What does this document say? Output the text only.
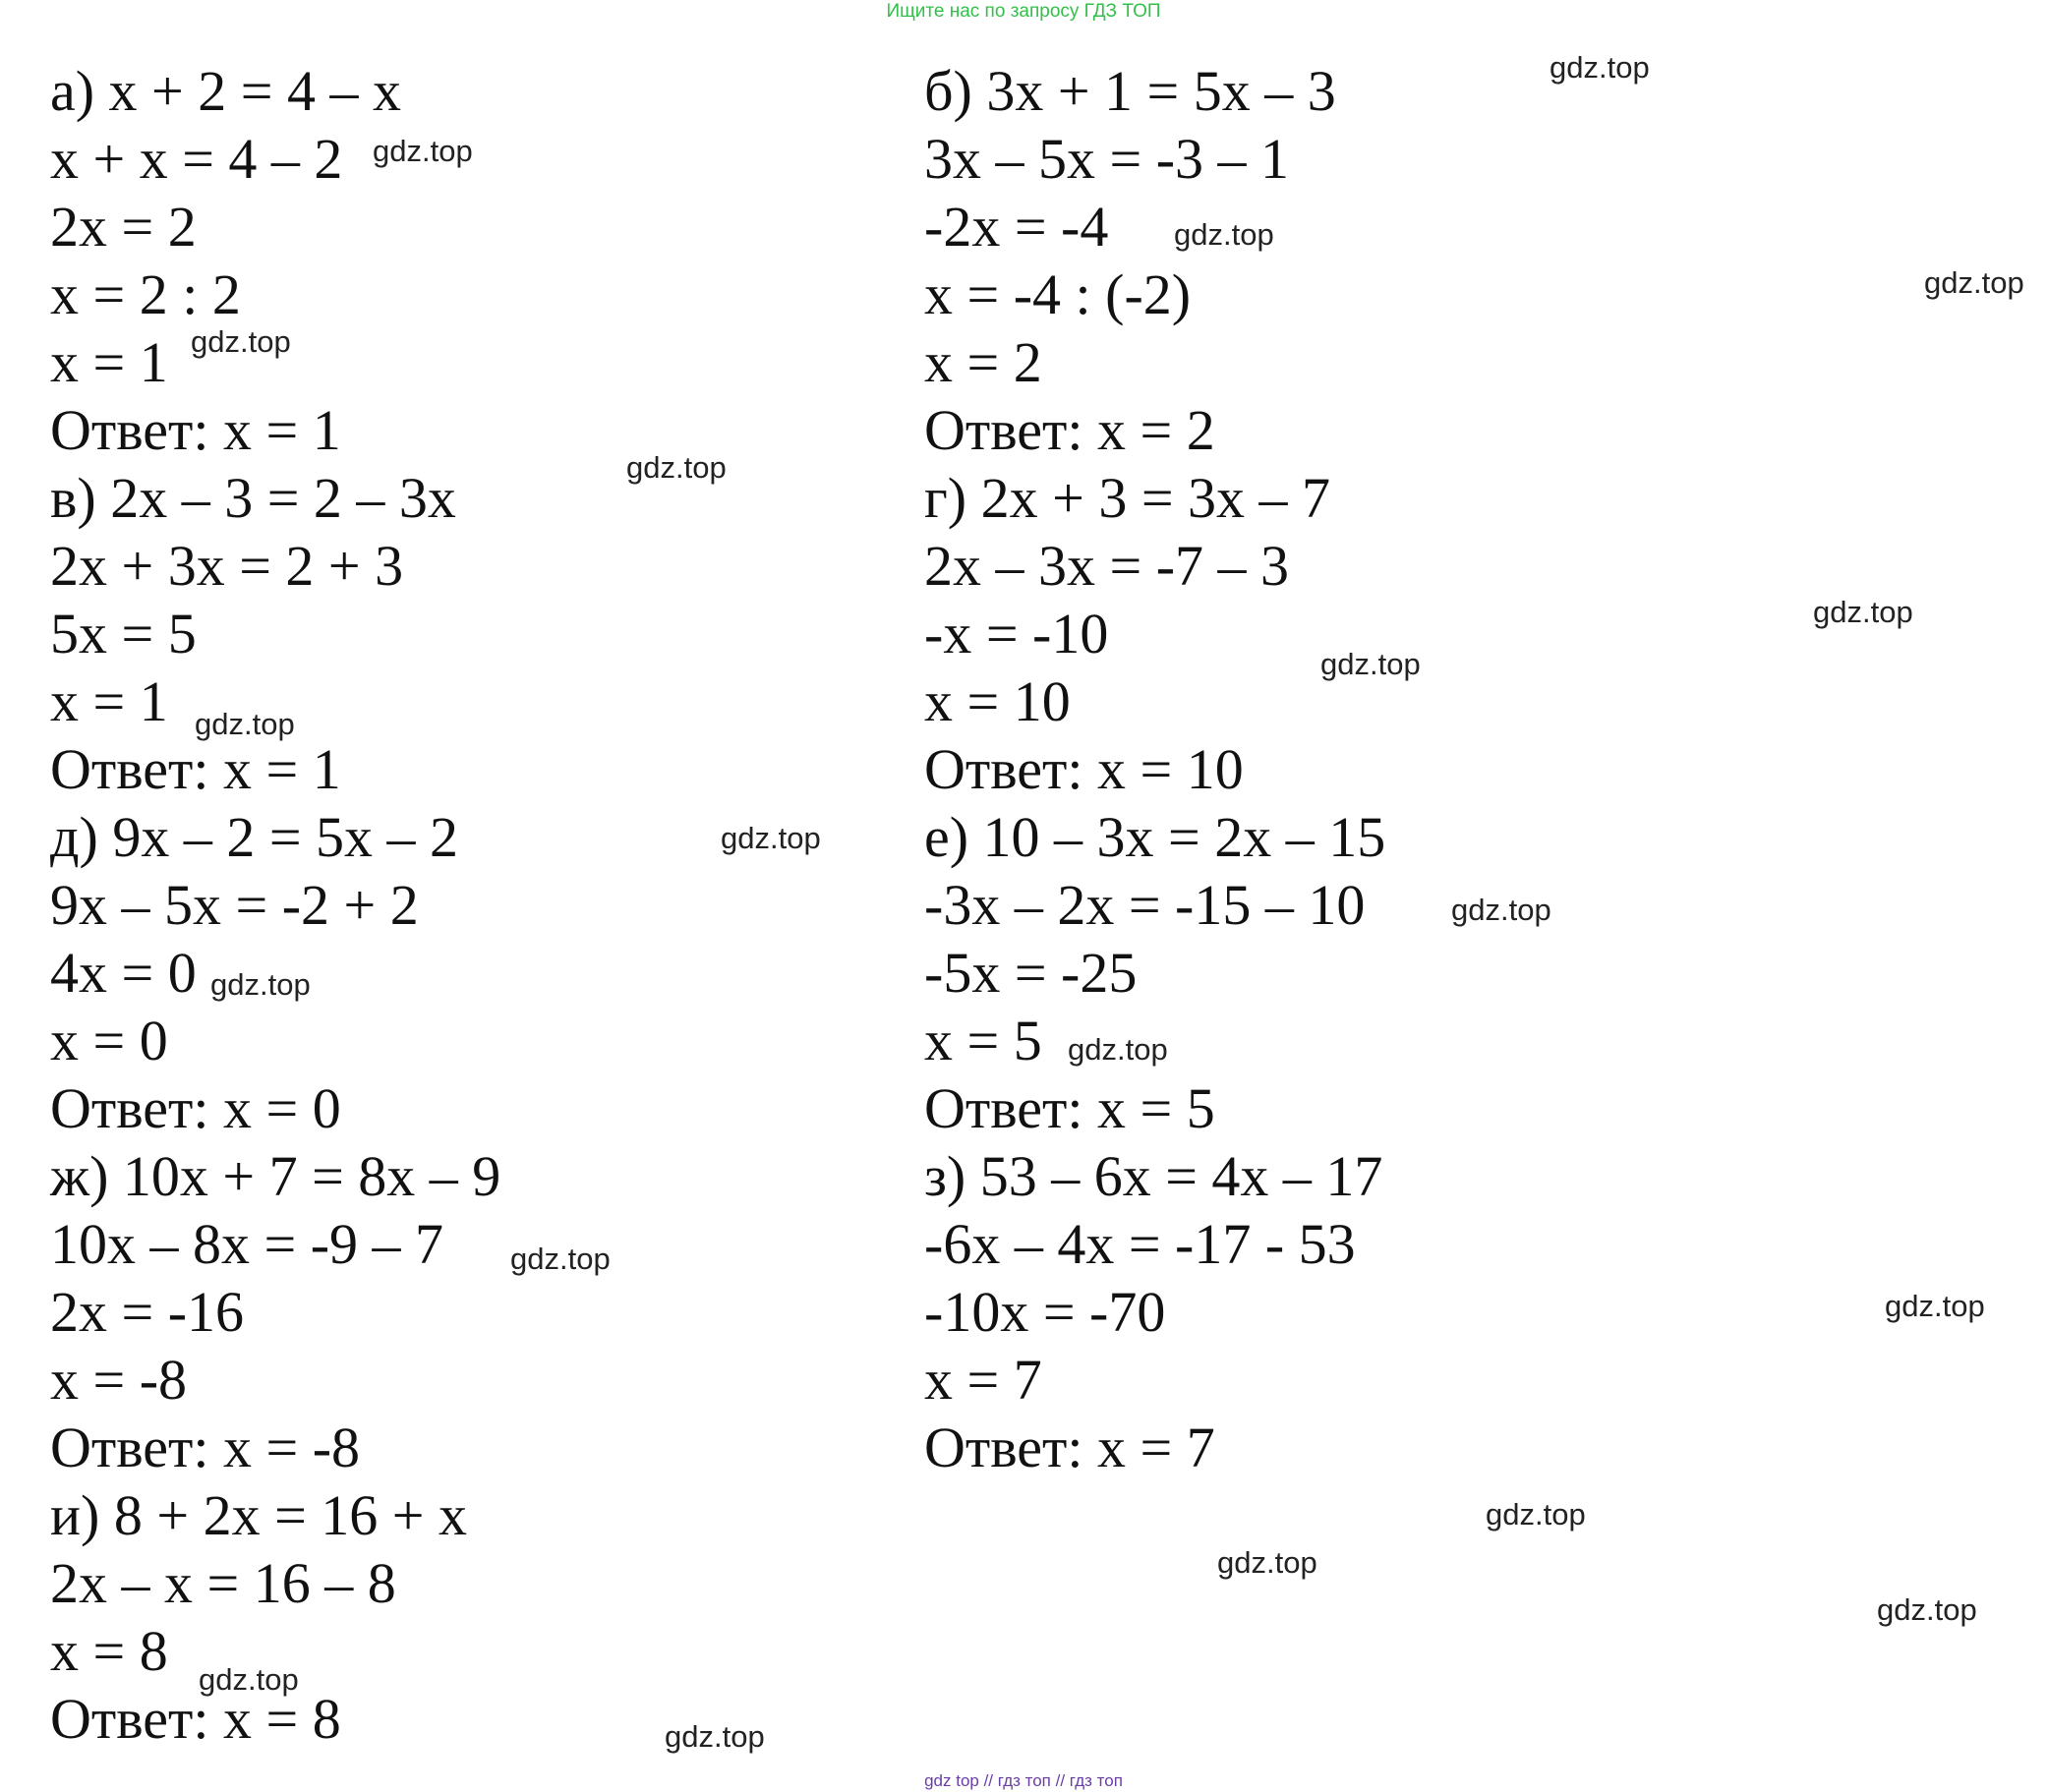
Ищите нас по запросу ГДЗ ТОП
а) x + 2 = 4 – x
x + x = 4 – 2
2x = 2
x = 2 : 2
x = 1
Ответ: x = 1
в) 2x – 3 = 2 – 3x
2x + 3x = 2 + 3
5x = 5
x = 1
Ответ: x = 1
д) 9x – 2 = 5x – 2
9x – 5x = -2 + 2
4x = 0
x = 0
Ответ: x = 0
ж) 10x + 7 = 8x – 9
10x – 8x = -9 – 7
2x = -16
x = -8
Ответ: x = -8
и) 8 + 2x = 16 + x
2x – x = 16 – 8
x = 8
Ответ: x = 8
б) 3x + 1 = 5x – 3
3x – 5x = -3 – 1
-2x = -4
x = -4 : (-2)
x = 2
Ответ: x = 2
г) 2x + 3 = 3x – 7
2x – 3x = -7 – 3
-x = -10
x = 10
Ответ: x = 10
е) 10 – 3x = 2x – 15
-3x – 2x = -15 – 10
-5x = -25
x = 5
Ответ: x = 5
з) 53 – 6x = 4x – 17
-6x – 4x = -17 - 53
-10x = -70
x = 7
Ответ: x = 7
gdz.top
gdz.top
gdz.top
gdz.top
gdz.top
gdz.top
gdz.top
gdz.top
gdz.top
gdz.top
gdz.top
gdz.top
gdz.top
gdz.top
gdz.top
gdz.top
gdz.top
gdz.top
gdz.top
gdz.top
gdz top // гдз топ // гдз топ
